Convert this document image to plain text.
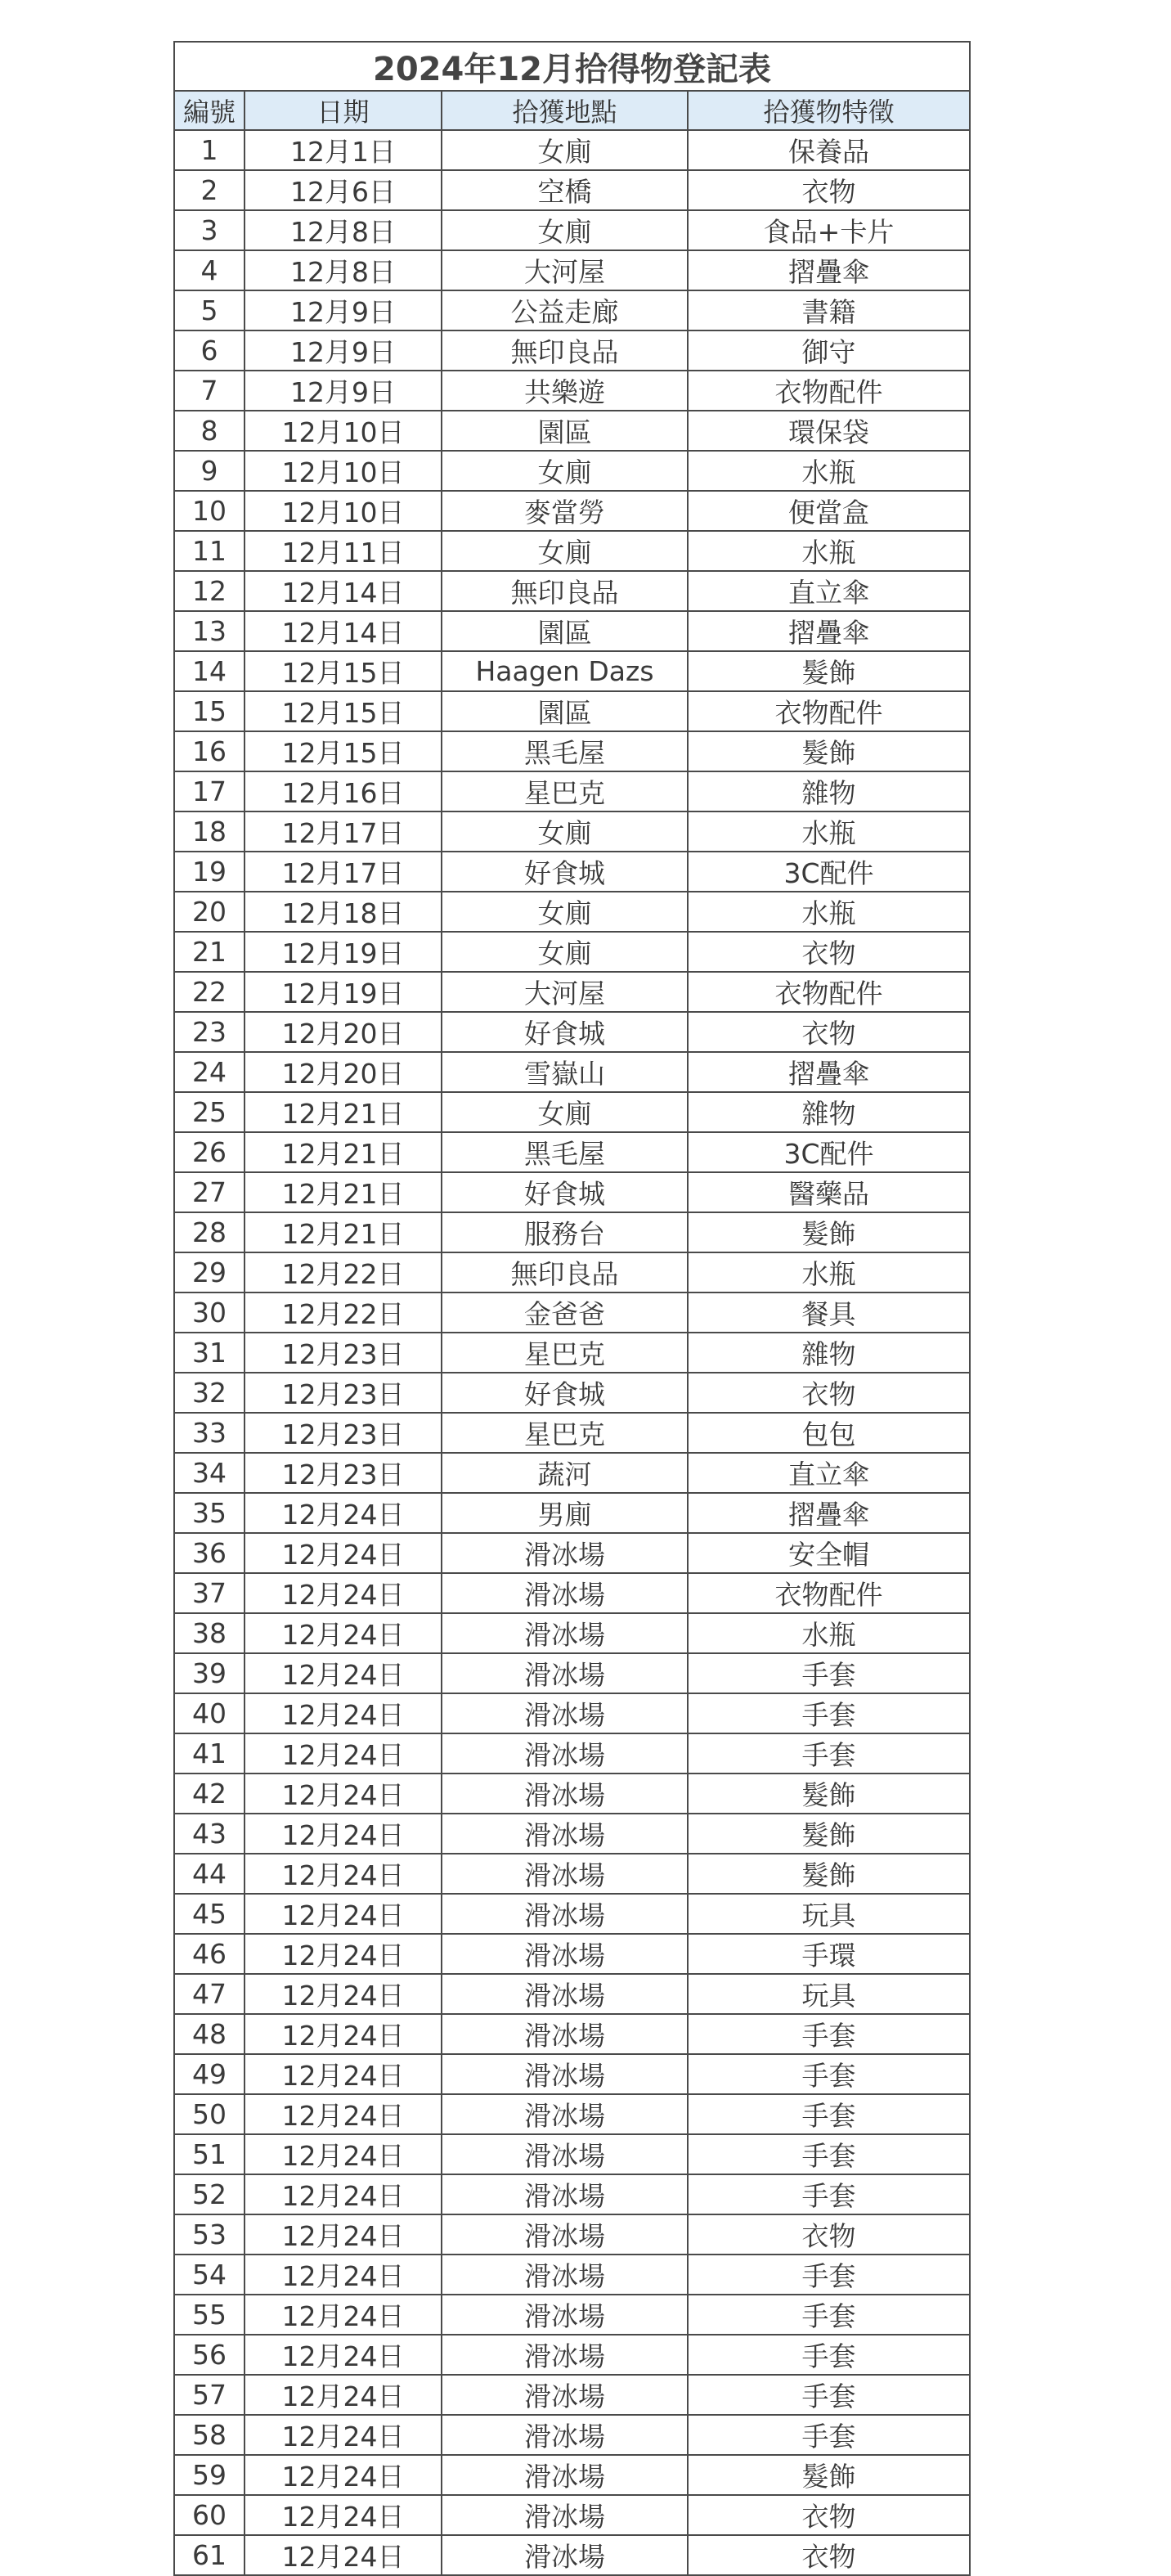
2024年12月拾得物登記表			
編號	日期	拾獲地點	拾獲物特徵
1	12月1日	女廁	保養品
2	12月6日	空橋	衣物
3	12月8日	女廁	食品+卡片
4	12月8日	大河屋	摺疊傘
5	12月9日	公益走廊	書籍
6	12月9日	無印良品	御守
7	12月9日	共樂遊	衣物配件
8	12月10日	園區	環保袋
9	12月10日	女廁	水瓶
10	12月10日	麥當勞	便當盒
11	12月11日	女廁	水瓶
12	12月14日	無印良品	直立傘
13	12月14日	園區	摺疊傘
14	12月15日	Haagen Dazs	髮飾
15	12月15日	園區	衣物配件
16	12月15日	黑毛屋	髮飾
17	12月16日	星巴克	雜物
18	12月17日	女廁	水瓶
19	12月17日	好食城	3C配件
20	12月18日	女廁	水瓶
21	12月19日	女廁	衣物
22	12月19日	大河屋	衣物配件
23	12月20日	好食城	衣物
24	12月20日	雪嶽山	摺疊傘
25	12月21日	女廁	雜物
26	12月21日	黑毛屋	3C配件
27	12月21日	好食城	醫藥品
28	12月21日	服務台	髮飾
29	12月22日	無印良品	水瓶
30	12月22日	金爸爸	餐具
31	12月23日	星巴克	雜物
32	12月23日	好食城	衣物
33	12月23日	星巴克	包包
34	12月23日	蔬河	直立傘
35	12月24日	男廁	摺疊傘
36	12月24日	滑冰場	安全帽
37	12月24日	滑冰場	衣物配件
38	12月24日	滑冰場	水瓶
39	12月24日	滑冰場	手套
40	12月24日	滑冰場	手套
41	12月24日	滑冰場	手套
42	12月24日	滑冰場	髮飾
43	12月24日	滑冰場	髮飾
44	12月24日	滑冰場	髮飾
45	12月24日	滑冰場	玩具
46	12月24日	滑冰場	手環
47	12月24日	滑冰場	玩具
48	12月24日	滑冰場	手套
49	12月24日	滑冰場	手套
50	12月24日	滑冰場	手套
51	12月24日	滑冰場	手套
52	12月24日	滑冰場	手套
53	12月24日	滑冰場	衣物
54	12月24日	滑冰場	手套
55	12月24日	滑冰場	手套
56	12月24日	滑冰場	手套
57	12月24日	滑冰場	手套
58	12月24日	滑冰場	手套
59	12月24日	滑冰場	髮飾
60	12月24日	滑冰場	衣物
61	12月24日	滑冰場	衣物
